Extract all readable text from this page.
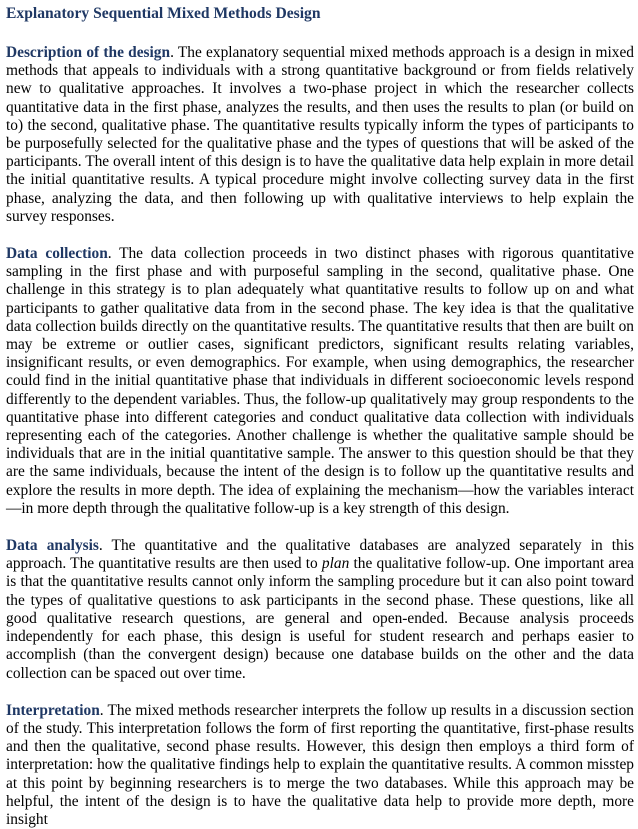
Explanatory Sequential Mixed Methods Design

Description of the design. The explanatory sequential mixed methods approach is a design in mixed methods that appeals to individuals with a strong quantitative background or from fields relatively new to qualitative approaches. It involves a two-phase project in which the researcher collects quantitative data in the first phase, analyzes the results, and then uses the results to plan (or build on to) the second, qualitative phase. The quantitative results typically inform the types of participants to be purposefully selected for the qualitative phase and the types of questions that will be asked of the participants. The overall intent of this design is to have the qualitative data help explain in more detail the initial quantitative results. A typical procedure might involve collecting survey data in the first phase, analyzing the data, and then following up with qualitative interviews to help explain the survey responses.

Data collection. The data collection proceeds in two distinct phases with rigorous quantitative sampling in the first phase and with purposeful sampling in the second, qualitative phase. One challenge in this strategy is to plan adequately what quantitative results to follow up on and what participants to gather qualitative data from in the second phase. The key idea is that the qualitative data collection builds directly on the quantitative results. The quantitative results that then are built on may be extreme or outlier cases, significant predictors, significant results relating variables, insignificant results, or even demographics. For example, when using demographics, the researcher could find in the initial quantitative phase that individuals in different socioeconomic levels respond differently to the dependent variables. Thus, the follow-up qualitatively may group respondents to the quantitative phase into different categories and conduct qualitative data collection with individuals representing each of the categories. Another challenge is whether the qualitative sample should be individuals that are in the initial quantitative sample. The answer to this question should be that they are the same individuals, because the intent of the design is to follow up the quantitative results and explore the results in more depth. The idea of explaining the mechanism—how the variables interact —in more depth through the qualitative follow-up is a key strength of this design.

Data analysis. The quantitative and the qualitative databases are analyzed separately in this approach. The quantitative results are then used to plan the qualitative follow-up. One important area is that the quantitative results cannot only inform the sampling procedure but it can also point toward the types of qualitative questions to ask participants in the second phase. These questions, like all good qualitative research questions, are general and open-ended. Because analysis proceeds independently for each phase, this design is useful for student research and perhaps easier to accomplish (than the convergent design) because one database builds on the other and the data collection can be spaced out over time.

Interpretation. The mixed methods researcher interprets the follow up results in a discussion section of the study. This interpretation follows the form of first reporting the quantitative, first-phase results and then the qualitative, second phase results. However, this design then employs a third form of interpretation: how the qualitative findings help to explain the quantitative results. A common misstep at this point by beginning researchers is to merge the two databases. While this approach may be helpful, the intent of the design is to have the qualitative data help to provide more depth, more insight
